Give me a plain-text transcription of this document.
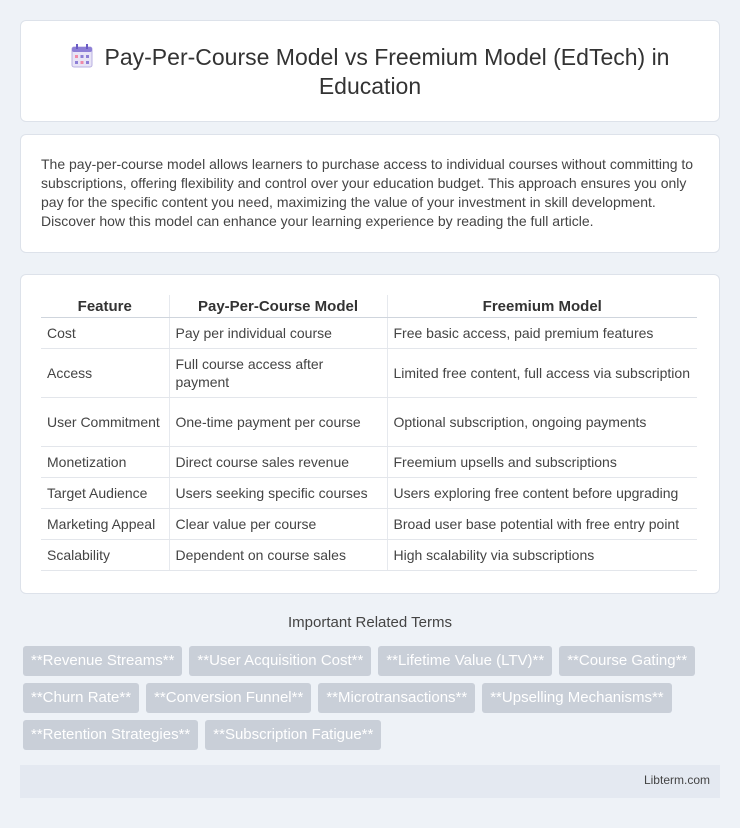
Pay-Per-Course Model vs Freemium Model (EdTech) in Education

The pay-per-course model allows learners to purchase access to individual courses without committing to subscriptions, offering flexibility and control over your education budget. This approach ensures you only pay for the specific content you need, maximizing the value of your investment in skill development. Discover how this model can enhance your learning experience by reading the full article.

Feature	Pay-Per-Course Model	Freemium Model
Cost	Pay per individual course	Free basic access, paid premium features
Access	Full course access after payment	Limited free content, full access via subscription
User Commitment	One-time payment per course	Optional subscription, ongoing payments
Monetization	Direct course sales revenue	Freemium upsells and subscriptions
Target Audience	Users seeking specific courses	Users exploring free content before upgrading
Marketing Appeal	Clear value per course	Broad user base potential with free entry point
Scalability	Dependent on course sales	High scalability via subscriptions
Important Related Terms
**Revenue Streams**	**User Acquisition Cost**	**Lifetime Value (LTV)**	**Course Gating**
**Churn Rate**	**Conversion Funnel**	**Microtransactions**	**Upselling Mechanisms**
**Retention Strategies**	**Subscription Fatigue**
Libterm.com
